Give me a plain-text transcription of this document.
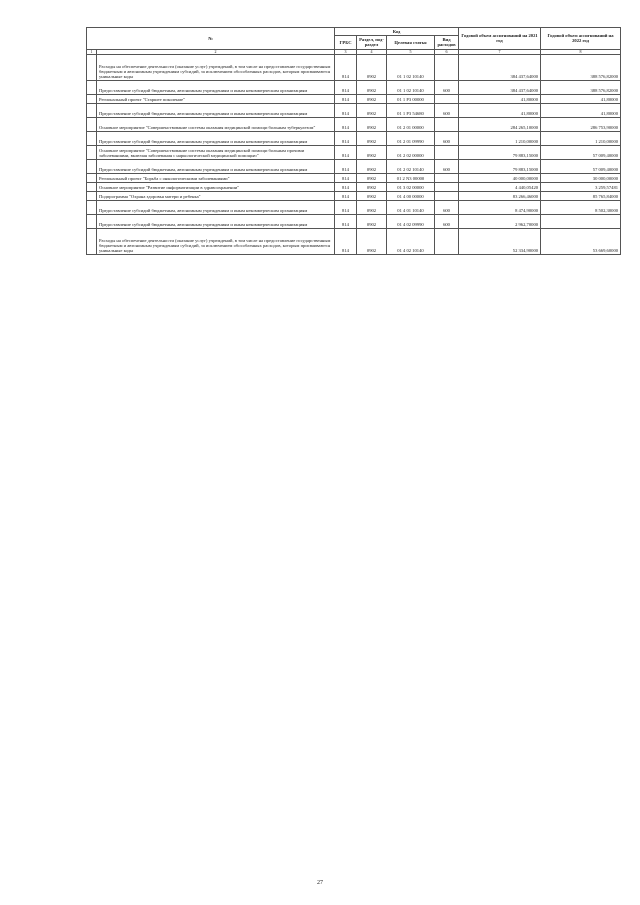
№		Код				Годовой объем ассигнований на 2021 год	Годовой объем ассигнований на 2022 год
		ГРБС	Раздел, под-раздел	Целевая статья	Вид расходов		
1	2	3	4	5	6	7	8
	Расходы на обеспечение деятельности (оказание услуг) учреждений, в том числе на предоставление государственным бюджетным и автономным учреждениям субсидий, за исключением обособленных расходов, которым присваиваются уникальные коды	814	0902	01 1 02 10140		384 437,64000	388 576,82000
	Предоставление субсидий бюджетным, автономным учреждениям и иным некоммерческим организациям	814	0902	01 1 02 10140	600	384 437,64000	388 576,82000
	Региональный проект "Старшее поколение"	814	0902	01 1 P3 00000		41,80000	41,80000
	Предоставление субсидий бюджетным, автономным учреждениям и иным некоммерческим организациям	814	0902	01 1 P3 54680	600	41,80000	41,80000
	Основное мероприятие "Совершенствование системы оказания медицинской помощи больным туберкулезом"	814	0902	01 2 01 00000		284 265,10000	286 753,90000
	Предоставление субсидий бюджетным, автономным учреждениям и иным некоммерческим организациям	814	0902	01 2 01 09990	600	1 210,00000	1 210,00000
	Основное мероприятие "Совершенствование системы оказания медицинской помощи больным прочими заболеваниями, включая заболевания с наркологической медицинской помощью"	814	0902	01 2 02 00000		79 883,15000	57 009,40000
	Предоставление субсидий бюджетным, автономным учреждениям и иным некоммерческим организациям	814	0902	01 2 02 10140	600	79 883,15000	57 009,40000
	Региональный проект "Борьба с онкологическими заболеваниями"	814	0902	01 2 N3 00000		40 000,00000	30 000,00000
	Основное мероприятие "Развитие информатизации в здравоохранении"	814	0902	01 3 02 00000		4 440,05420	3 259,57481
	Подпрограмма "Охрана здоровья матери и ребенка"	814	0902	01 4 00 00000		83 266,46000	85 765,84000
	Предоставление субсидий бюджетным, автономным учреждениям и иным некоммерческим организациям	814	0902	01 4 01 10140	600	8 474,90000	8 502,30000
	Предоставление субсидий бюджетным, автономным учреждениям и иным некоммерческим организациям	814	0902	01 4 02 09990	600	2 962,70000	
	Расходы на обеспечение деятельности (оказание услуг) учреждений, в том числе на предоставление государственным бюджетным и автономным учреждениям субсидий, за исключением обособленных расходов, которым присваиваются уникальные коды	814	0902	01 4 02 10140		52 334,90000	53 669,60000
27
